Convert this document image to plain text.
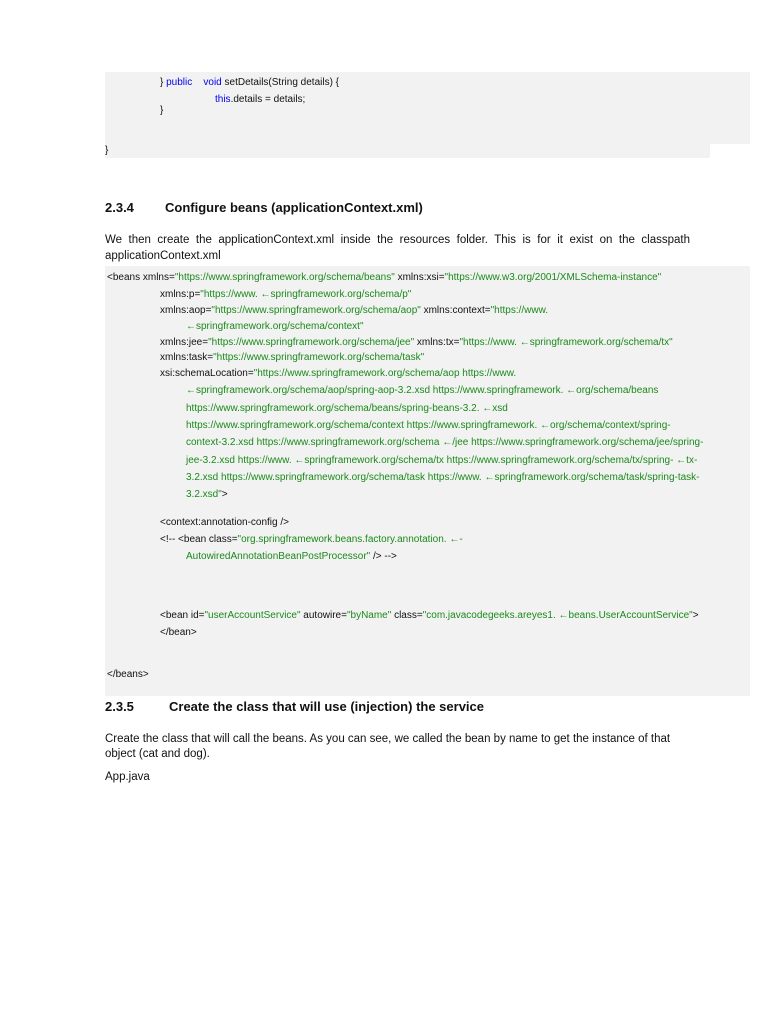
} public void setDetails(String details) {
this.details = details;
}
}
2.3.4 Configure beans (applicationContext.xml)
We then create the applicationContext.xml inside the resources folder. This is for it exist on the classpath
applicationContext.xml
<beans xmlns="https://www.springframework.org/schema/beans" xmlns:xsi="https://www.w3.org/2001/XMLSchema-instance"
xmlns:p="https://www. ←springframework.org/schema/p"
xmlns:aop="https://www.springframework.org/schema/aop" xmlns:context="https://www.
←springframework.org/schema/context"
xmlns:jee="https://www.springframework.org/schema/jee" xmlns:tx="https://www. ←springframework.org/schema/tx"
xmlns:task="https://www.springframework.org/schema/task"
xsi:schemaLocation="https://www.springframework.org/schema/aop https://www.
←springframework.org/schema/aop/spring-aop-3.2.xsd https://www.springframework. ←org/schema/beans
https://www.springframework.org/schema/beans/spring-beans-3.2. ←xsd
https://www.springframework.org/schema/context https://www.springframework. ←org/schema/context/spring-
context-3.2.xsd https://www.springframework.org/schema ←/jee https://www.springframework.org/schema/jee/spring-
jee-3.2.xsd https://www. ←springframework.org/schema/tx https://www.springframework.org/schema/tx/spring- ←tx-
3.2.xsd https://www.springframework.org/schema/task https://www. ←springframework.org/schema/task/spring-task-
3.2.xsd">
<context:annotation-config />
<!-- <bean class="org.springframework.beans.factory.annotation. ←-
AutowiredAnnotationBeanPostProcessor" /> -->
<bean id="userAccountService" autowire="byName" class="com.javacodegeeks.areyes1. ←beans.UserAccountService">
</bean>
</beans>
2.3.5	Create the class that will use (injection) the service
Create the class that will call the beans. As you can see, we called the bean by name to get the instance of that
object (cat and dog).
App.java
